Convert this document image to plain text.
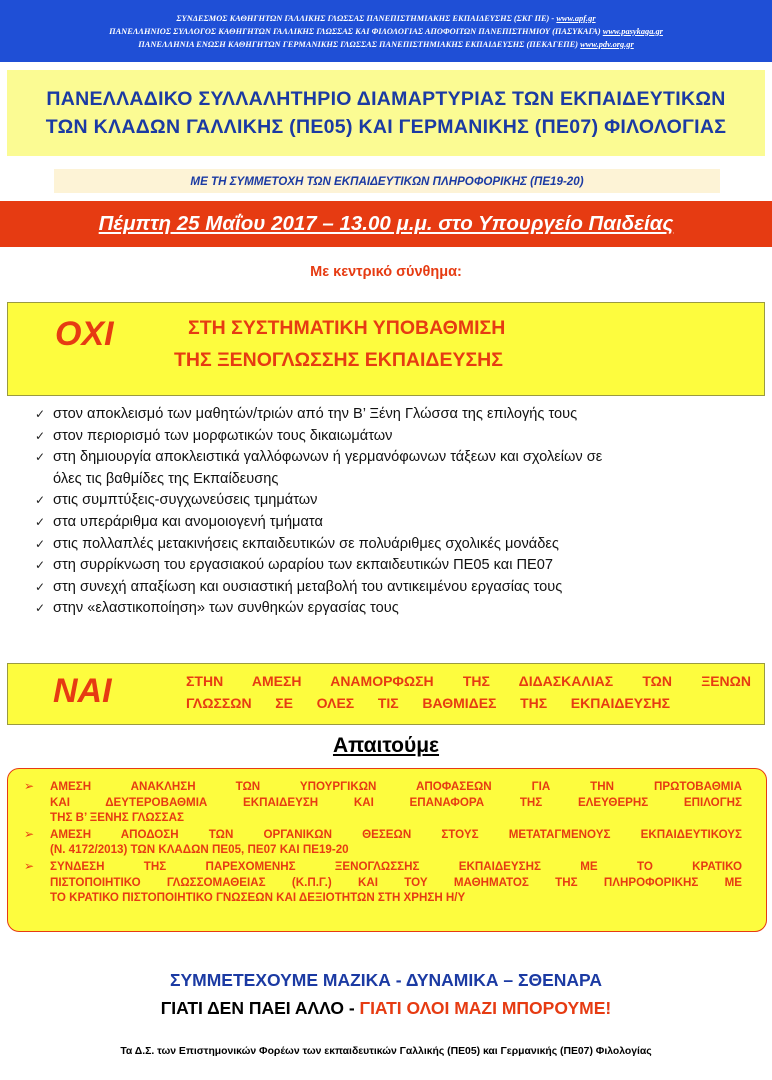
ΣΥΝΔΕΣΜΟΣ ΚΑΘΗΓΗΤΩΝ ΓΑΛΛΙΚΗΣ ΓΛΩΣΣΑΣ ΠΑΝΕΠΙΣΤΗΜΙΑΚΗΣ ΕΚΠΑΙΔΕΥΣΗΣ (ΣΚΓ ΠΕ) - www.apf.gr
ΠΑΝΕΛΛΗΝΙΟΣ ΣΥΛΛΟΓΟΣ ΚΑΘΗΓΗΤΩΝ ΓΑΛΛΙΚΗΣ ΓΛΩΣΣΑΣ ΚΑΙ ΦΙΛΟΛΟΓΙΑΣ ΑΠΟΦΟΙΤΩΝ ΠΑΝΕΠΙΣΤΗΜΙΟΥ (ΠΑΣΥΚΑΓΑ) www.pasykaga.gr
ΠΑΝΕΛΛΗΝΙΑ ΕΝΩΣΗ ΚΑΘΗΓΗΤΩΝ ΓΕΡΜΑΝΙΚΗΣ ΓΛΩΣΣΑΣ ΠΑΝΕΠΙΣΤΗΜΙΑΚΗΣ ΕΚΠΑΙΔΕΥΣΗΣ (ΠΕΚΑΓΕΠΕ) www.pdv.org.gr
ΠΑΝΕΛΛΑΔΙΚΟ ΣΥΛΛΑΛΗΤΗΡΙΟ ΔΙΑΜΑΡΤΥΡΙΑΣ ΤΩΝ ΕΚΠΑΙΔΕΥΤΙΚΩΝ
ΤΩΝ ΚΛΑΔΩΝ ΓΑΛΛΙΚΗΣ (ΠΕ05) ΚΑΙ ΓΕΡΜΑΝΙΚΗΣ (ΠΕ07) ΦΙΛΟΛΟΓΙΑΣ
ΜΕ ΤΗ ΣΥΜΜΕΤΟΧΗ ΤΩΝ ΕΚΠΑΙΔΕΥΤΙΚΩΝ ΠΛΗΡΟΦΟΡΙΚΗΣ (ΠΕ19-20)
Πέμπτη 25 Μαΐου 2017 – 13.00 μ.μ. στο Υπουργείο Παιδείας
Με κεντρικό σύνθημα:
ΟΧΙ	ΣΤΗ ΣΥΣΤΗΜΑΤΙΚΗ ΥΠΟΒΑΘΜΙΣΗ
ΤΗΣ ΞΕΝΟΓΛΩΣΣΗΣ ΕΚΠΑΙΔΕΥΣΗΣ
✓ στον αποκλεισμό των μαθητών/τριών από την Β’ Ξένη Γλώσσα της επιλογής τους
✓ στον περιορισμό των μορφωτικών τους δικαιωμάτων
✓ στη δημιουργία αποκλειστικά γαλλόφωνων ή γερμανόφωνων τάξεων και σχολείων σε
όλες τις βαθμίδες της Εκπαίδευσης
✓ στις συμπτύξεις-συγχωνεύσεις τμημάτων
✓ στα υπεράριθμα και ανομοιογενή τμήματα
✓ στις πολλαπλές μετακινήσεις εκπαιδευτικών σε πολυάριθμες σχολικές μονάδες
✓ στη συρρίκνωση του εργασιακού ωραρίου των εκπαιδευτικών ΠΕ05 και ΠΕ07
✓ στη συνεχή απαξίωση και ουσιαστική μεταβολή του αντικειμένου εργασίας τους
✓ στην «ελαστικοποίηση» των συνθηκών εργασίας τους
ΝΑΙ	ΣΤΗΝ ΑΜΕΣΗ ΑΝΑΜΟΡΦΩΣΗ ΤΗΣ ΔΙΔΑΣΚΑΛΙΑΣ ΤΩΝ ΞΕΝΩΝ
ΓΛΩΣΣΩΝ ΣΕ ΟΛΕΣ ΤΙΣ ΒΑΘΜΙΔΕΣ ΤΗΣ ΕΚΠΑΙΔΕΥΣΗΣ
Απαιτούμε
➢ ΑΜΕΣΗ ΑΝΑΚΛΗΣΗ ΤΩΝ ΥΠΟΥΡΓΙΚΩΝ ΑΠΟΦΑΣΕΩΝ ΓΙΑ ΤΗΝ ΠΡΩΤΟΒΑΘΜΙΑ
ΚΑΙ ΔΕΥΤΕΡΟΒΑΘΜΙΑ ΕΚΠΑΙΔΕΥΣΗ ΚΑΙ ΕΠΑΝΑΦΟΡΑ ΤΗΣ ΕΛΕΥΘΕΡΗΣ ΕΠΙΛΟΓΗΣ
ΤΗΣ Β’ ΞΕΝΗΣ ΓΛΩΣΣΑΣ
➢ ΑΜΕΣΗ ΑΠΟΔΟΣΗ ΤΩΝ ΟΡΓΑΝΙΚΩΝ ΘΕΣΕΩΝ ΣΤΟΥΣ ΜΕΤΑΤΑΓΜΕΝΟΥΣ ΕΚΠΑΙΔΕΥΤΙΚΟΥΣ
(Ν. 4172/2013) ΤΩΝ ΚΛΑΔΩΝ ΠΕ05, ΠΕ07 ΚΑΙ ΠΕ19-20
➢ ΣΥΝΔΕΣΗ ΤΗΣ ΠΑΡΕΧΟΜΕΝΗΣ ΞΕΝΟΓΛΩΣΣΗΣ ΕΚΠΑΙΔΕΥΣΗΣ ΜΕ ΤΟ ΚΡΑΤΙΚΟ
ΠΙΣΤΟΠΟΙΗΤΙΚΟ ΓΛΩΣΣΟΜΑΘΕΙΑΣ (Κ.Π.Γ.) ΚΑΙ ΤΟΥ ΜΑΘΗΜΑΤΟΣ ΤΗΣ ΠΛΗΡΟΦΟΡΙΚΗΣ ΜΕ
ΤΟ ΚΡΑΤΙΚΟ ΠΙΣΤΟΠΟΙΗΤΙΚΟ ΓΝΩΣΕΩΝ ΚΑΙ ΔΕΞΙΟΤΗΤΩΝ ΣΤΗ ΧΡΗΣΗ Η/Υ
ΣΥΜΜΕΤΕΧΟΥΜΕ ΜΑΖΙΚΑ - ΔΥΝΑΜΙΚΑ – ΣΘΕΝΑΡΑ
ΓΙΑΤΙ ΔΕΝ ΠΑΕΙ ΑΛΛΟ - ΓΙΑΤΙ ΟΛΟΙ ΜΑΖΙ ΜΠΟΡΟΥΜΕ!
Τα Δ.Σ. των Επιστημονικών Φορέων των εκπαιδευτικών Γαλλικής (ΠΕ05) και Γερμανικής (ΠΕ07) Φιλολογίας
